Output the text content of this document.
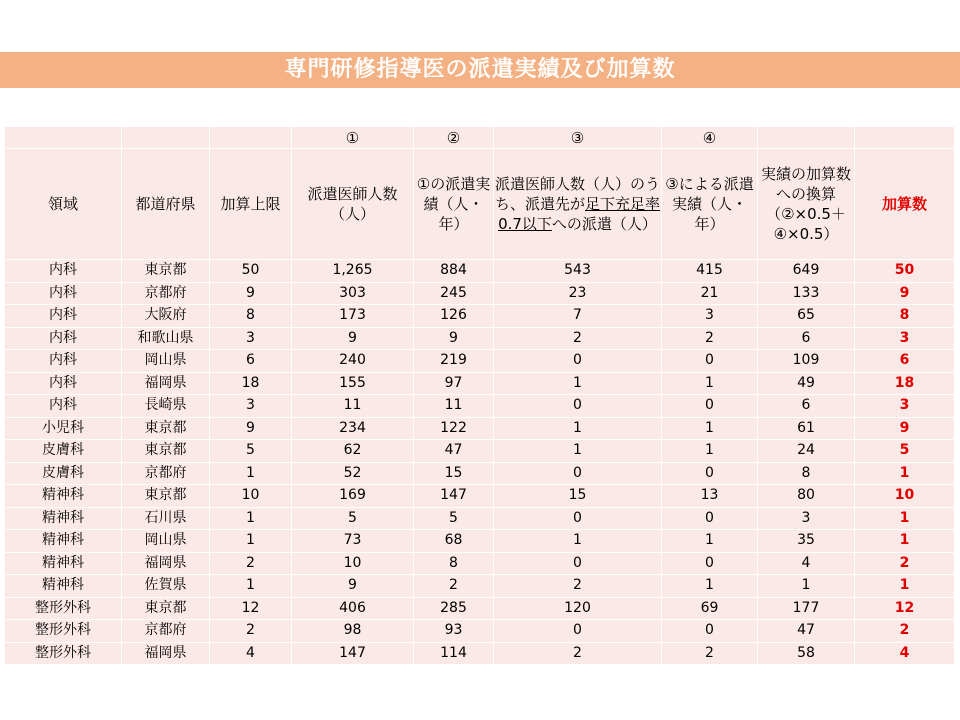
専門研修指導医の派遣実績及び加算数
			①	②	③	④		
領域	都道府県	加算上限	派遣医師人数（人）	①の派遣実績（人・年）	派遣医師人数（人）のうち、派遣先が足下充足率0.7以下への派遣（人）	③による派遣実績（人・年）	実績の加算数への換算（②×0.5＋④×0.5）	加算数
内科	東京都	50	1,265	884	543	415	649	50
内科	京都府	9	303	245	23	21	133	9
内科	大阪府	8	173	126	7	3	65	8
内科	和歌山県	3	9	9	2	2	6	3
内科	岡山県	6	240	219	0	0	109	6
内科	福岡県	18	155	97	1	1	49	18
内科	長崎県	3	11	11	0	0	6	3
小児科	東京都	9	234	122	1	1	61	9
皮膚科	東京都	5	62	47	1	1	24	5
皮膚科	京都府	1	52	15	0	0	8	1
精神科	東京都	10	169	147	15	13	80	10
精神科	石川県	1	5	5	0	0	3	1
精神科	岡山県	1	73	68	1	1	35	1
精神科	福岡県	2	10	8	0	0	4	2
精神科	佐賀県	1	9	2	2	1	1	1
整形外科	東京都	12	406	285	120	69	177	12
整形外科	京都府	2	98	93	0	0	47	2
整形外科	福岡県	4	147	114	2	2	58	4
